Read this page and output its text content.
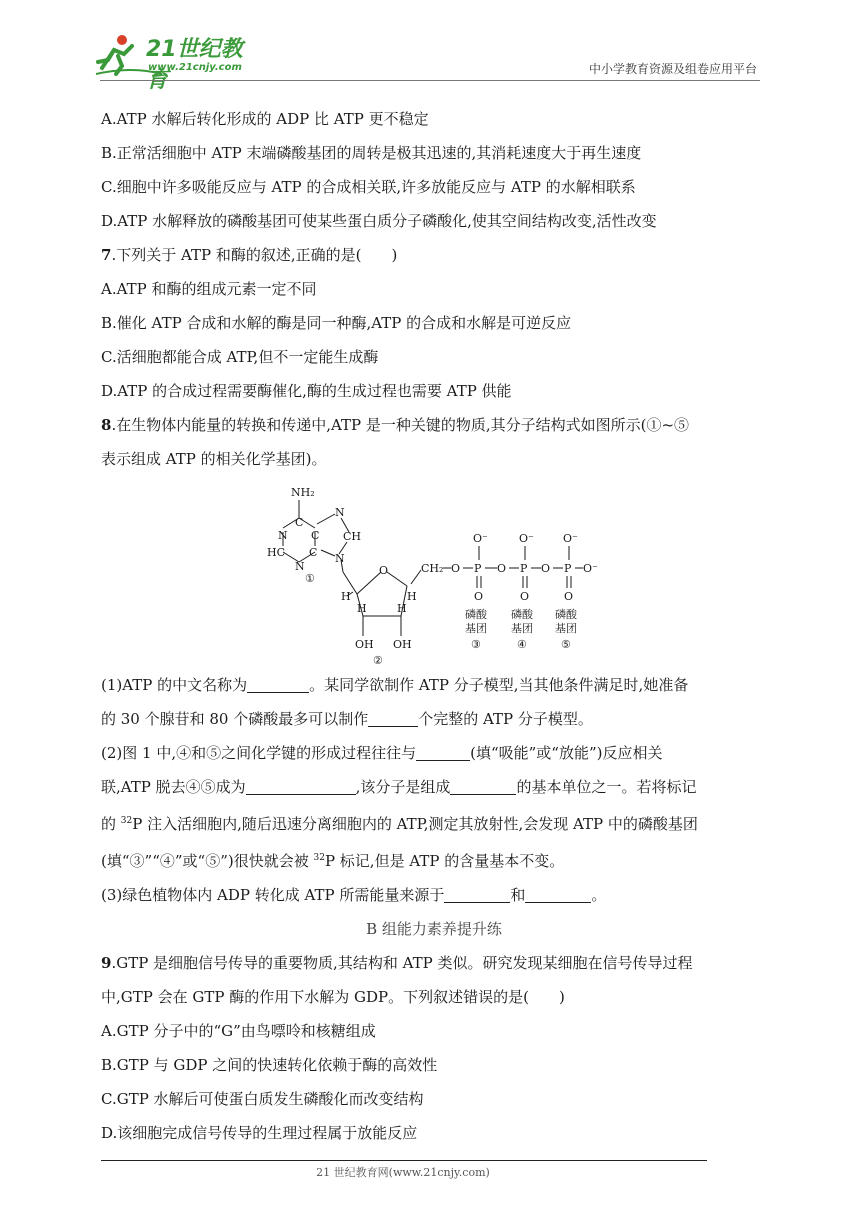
21世纪教育
www.21cnjy.com	中小学教育资源及组卷应用平台
A.ATP 水解后转化形成的 ADP 比 ATP 更不稳定
B.正常活细胞中 ATP 末端磷酸基团的周转是极其迅速的,其消耗速度大于再生速度
C.细胞中许多吸能反应与 ATP 的合成相关联,许多放能反应与 ATP 的水解相联系
D.ATP 水解释放的磷酸基团可使某些蛋白质分子磷酸化,使其空间结构改变,活性改变
7.下列关于 ATP 和酶的叙述,正确的是(　　)
A.ATP 和酶的组成元素一定不同
B.催化 ATP 合成和水解的酶是同一种酶,ATP 的合成和水解是可逆反应
C.活细胞都能合成 ATP,但不一定能生成酶
D.ATP 的合成过程需要酶催化,酶的生成过程也需要 ATP 供能
8.在生物体内能量的转换和传递中,ATP 是一种关键的物质,其分子结构式如图所示(①~⑤
表示组成 ATP 的相关化学基团)。
NH₂
C
N C
N
CH
HC C
N
N
①
O	CH₂ O P O P O P O⁻
O⁻	O⁻	O⁻
O	O	O
H	H
H	H
OH OH
②
磷酸
基团
③
磷酸
基团
④
磷酸
基团
⑤
(1)ATP 的中文名称为	。某同学欲制作 ATP 分子模型,当其他条件满足时,她准备
的 30 个腺苷和 80 个磷酸最多可以制作	个完整的 ATP 分子模型。
(2)图 1 中,④和⑤之间化学键的形成过程往往与	(填“吸能”或“放能”)反应相关
联,ATP 脱去④⑤成为	,该分子是组成	的基本单位之一。若将标记
的 $^{32}$P 注入活细胞内,随后迅速分离细胞内的 ATP,测定其放射性,会发现 ATP 中的磷酸基团
(填“③”“④”或“⑤”)很快就会被 $^{32}$P 标记,但是 ATP 的含量基本不变。
(3)绿色植物体内 ADP 转化成 ATP 所需能量来源于	和	。
B 组能力素养提升练
9.GTP 是细胞信号传导的重要物质,其结构和 ATP 类似。研究发现某细胞在信号传导过程
中,GTP 会在 GTP 酶的作用下水解为 GDP。下列叙述错误的是(　　)
A.GTP 分子中的“G”由鸟嘌呤和核糖组成
B.GTP 与 GDP 之间的快速转化依赖于酶的高效性
C.GTP 水解后可使蛋白质发生磷酸化而改变结构
D.该细胞完成信号传导的生理过程属于放能反应
21 世纪教育网(www.21cnjy.com)
